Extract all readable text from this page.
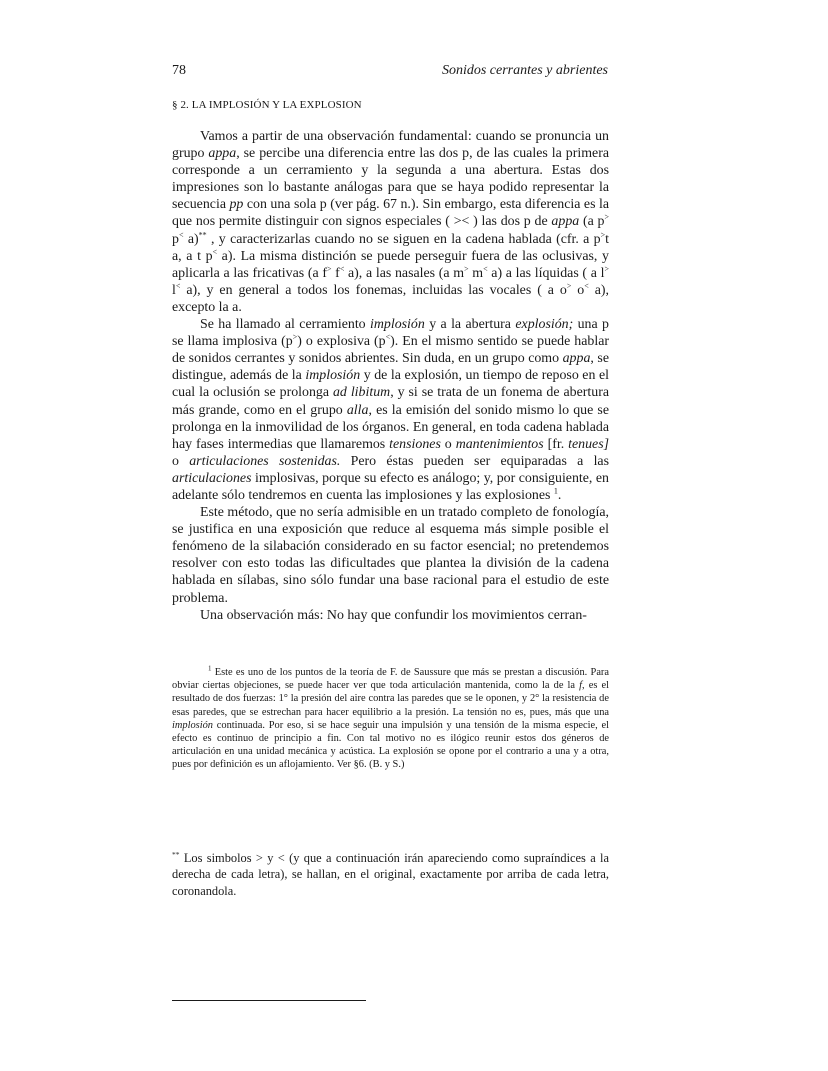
78	Sonidos cerrantes y abrientes
§ 2. LA IMPLOSIÓN Y LA EXPLOSION

Vamos a partir de una observación fundamental: cuando se pronuncia un grupo appa, se percibe una diferencia entre las dos p, de las cuales la primera corresponde a un cerramiento y la segunda a una abertura. Estas dos impresiones son lo bastante análogas para que se haya podido representar la secuencia pp con una sola p (ver pág. 67 n.). Sin embargo, esta diferencia es la que nos permite distinguir con signos especiales ( >< ) las dos p de appa (a p> p< a)** , y caracterizarlas cuando no se siguen en la cadena hablada (cfr. a p>t a, a t p< a). La misma distinción se puede perseguir fuera de las oclusivas, y aplicarla a las fricativas (a f> f< a), a las nasales (a m> m< a) a las líquidas ( a l> l< a), y en general a todos los fonemas, incluidas las vocales ( a o> o< a), excepto la a.

Se ha llamado al cerramiento implosión y a la abertura explosión; una p se llama implosiva (p>) o explosiva (p<). En el mismo sentido se puede hablar de sonidos cerrantes y sonidos abrientes. Sin duda, en un grupo como appa, se distingue, además de la implosión y de la explosión, un tiempo de reposo en el cual la oclusión se prolonga ad libitum, y si se trata de un fonema de abertura más grande, como en el grupo alla, es la emisión del sonido mismo lo que se prolonga en la inmovilidad de los órganos. En general, en toda cadena hablada hay fases intermedias que llamaremos tensiones o mantenimientos [fr. tenues] o articulaciones sostenidas. Pero éstas pueden ser equiparadas a las articulaciones implosivas, porque su efecto es análogo; y, por consiguiente, en adelante sólo tendremos en cuenta las implosiones y las explosiones $^1$.

Este método, que no sería admisible en un tratado completo de fonología, se justifica en una exposición que reduce al esquema más simple posible el fenómeno de la silabación considerado en su factor esencial; no pretendemos resolver con esto todas las dificultades que plantea la división de la cadena hablada en sílabas, sino sólo fundar una base racional para el estudio de este problema.

Una observación más: No hay que confundir los movimientos cerran-

$^1$ Este es uno de los puntos de la teoría de F. de Saussure que más se prestan a discusión. Para obviar ciertas objeciones, se puede hacer ver que toda articulación mantenida, como la de la f, es el resultado de dos fuerzas: 1° la presión del aire contra las paredes que se le oponen, y 2° la resistencia de esas paredes, que se estrechan para hacer equilibrio a la presión. La tensión no es, pues, más que una implosión continuada. Por eso, si se hace seguir una impulsión y una tensión de la misma especie, el efecto es continuo de principio a fin. Con tal motivo no es ilógico reunir estos dos géneros de articulación en una unidad mecánica y acústica. La explosión se opone por el contrario a una y a otra, pues por definición es un aflojamiento. Ver §6. (B. y S.)
** Los simbolos > y < (y que a continuación irán apareciendo como supraíndices a la derecha de cada letra), se hallan, en el original, exactamente por arriba de cada letra, coronandola.
